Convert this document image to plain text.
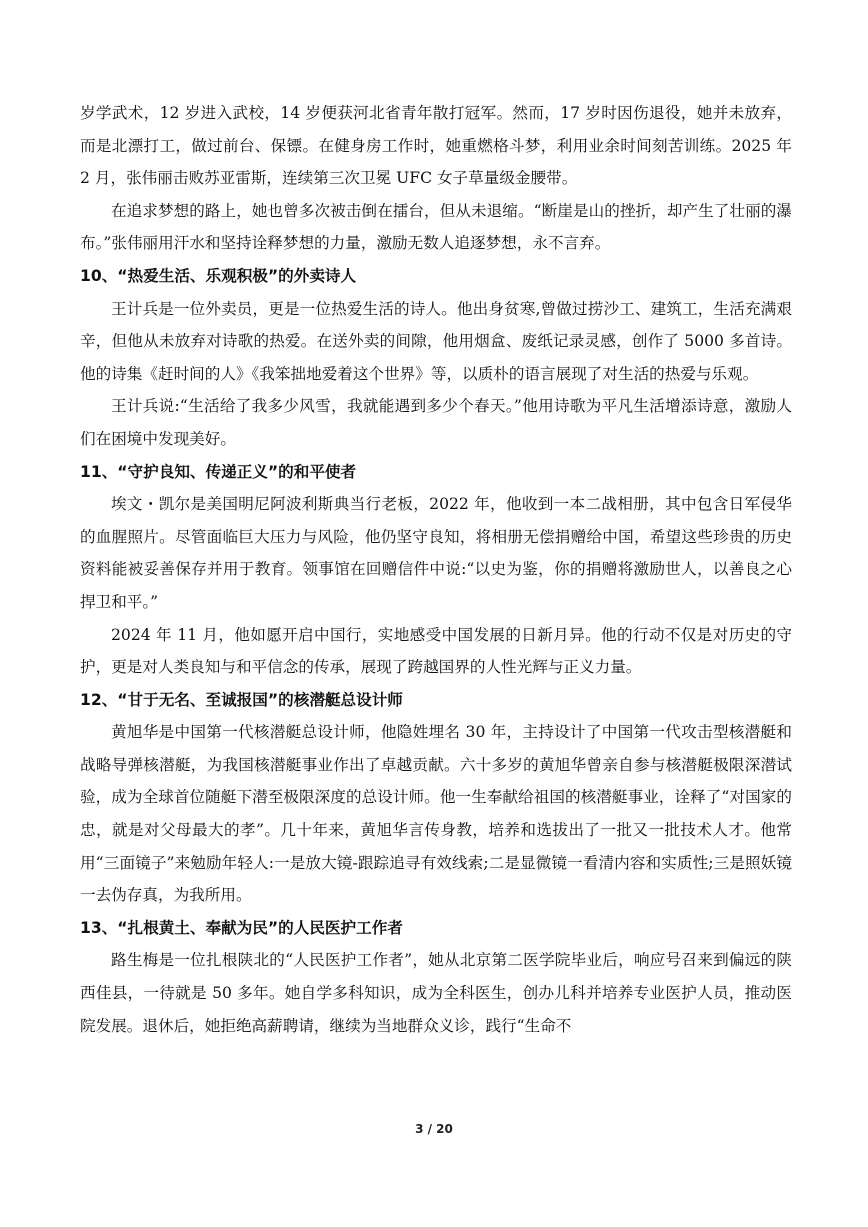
岁学武术，12 岁进入武校，14 岁便获河北省青年散打冠军。然而，17 岁时因伤退役，她并未放弃，而是北漂打工，做过前台、保镖。在健身房工作时，她重燃格斗梦，利用业余时间刻苦训练。2025 年 2 月，张伟丽击败苏亚雷斯，连续第三次卫冕 UFC 女子草量级金腰带。

在追求梦想的路上，她也曾多次被击倒在擂台，但从未退缩。“断崖是山的挫折，却产生了壮丽的瀑布。”张伟丽用汗水和坚持诠释梦想的力量，激励无数人追逐梦想，永不言弃。

10、“热爱生活、乐观积极”的外卖诗人

王计兵是一位外卖员，更是一位热爱生活的诗人。他出身贫寒,曾做过捞沙工、建筑工，生活充满艰辛，但他从未放弃对诗歌的热爱。在送外卖的间隙，他用烟盒、废纸记录灵感，创作了 5000 多首诗。他的诗集《赶时间的人》《我笨拙地爱着这个世界》等，以质朴的语言展现了对生活的热爱与乐观。

王计兵说:“生活给了我多少风雪，我就能遇到多少个春天。”他用诗歌为平凡生活增添诗意，激励人们在困境中发现美好。

11、“守护良知、传递正义”的和平使者

埃文・凯尔是美国明尼阿波利斯典当行老板，2022 年，他收到一本二战相册，其中包含日军侵华的血腥照片。尽管面临巨大压力与风险，他仍坚守良知，将相册无偿捐赠给中国，希望这些珍贵的历史资料能被妥善保存并用于教育。领事馆在回赠信件中说:“以史为鉴，你的捐赠将激励世人，以善良之心捍卫和平。”

2024 年 11 月，他如愿开启中国行，实地感受中国发展的日新月异。他的行动不仅是对历史的守护，更是对人类良知与和平信念的传承，展现了跨越国界的人性光辉与正义力量。

12、“甘于无名、至诚报国”的核潜艇总设计师

黄旭华是中国第一代核潜艇总设计师，他隐姓埋名 30 年，主持设计了中国第一代攻击型核潜艇和战略导弹核潜艇，为我国核潜艇事业作出了卓越贡献。六十多岁的黄旭华曾亲自参与核潜艇极限深潜试验，成为全球首位随艇下潜至极限深度的总设计师。他一生奉献给祖国的核潜艇事业，诠释了“对国家的忠，就是对父母最大的孝”。几十年来，黄旭华言传身教，培养和选拔出了一批又一批技术人才。他常用“三面镜子”来勉励年轻人:一是放大镜-跟踪追寻有效线索;二是显微镜一看清内容和实质性;三是照妖镜一去伪存真，为我所用。

13、“扎根黄土、奉献为民”的人民医护工作者

路生梅是一位扎根陕北的“人民医护工作者”，她从北京第二医学院毕业后，响应号召来到偏远的陕西佳县，一待就是 50 多年。她自学多科知识，成为全科医生，创办儿科并培养专业医护人员，推动医院发展。退休后，她拒绝高薪聘请，继续为当地群众义诊，践行“生命不

3 / 20
